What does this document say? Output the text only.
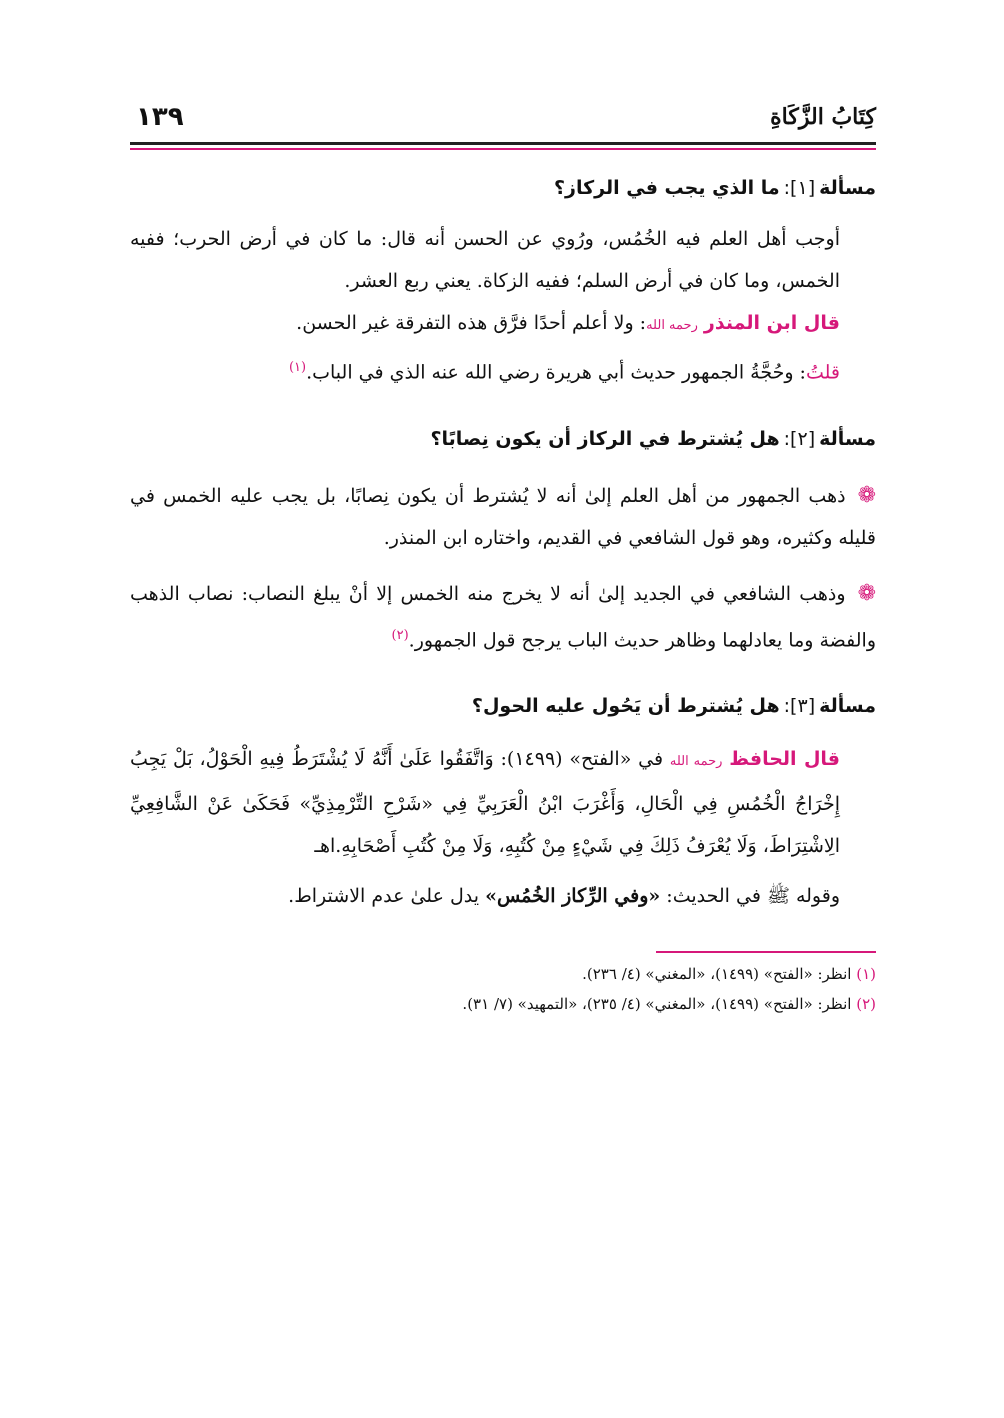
كِتَابُ الزَّكَاةِ
١٣٩
مسألة[١]:ما الذي يجب في الركاز؟
أوجب أهل العلم فيه الخُمُس، ورُوي عن الحسن أنه قال: ما كان في أرض الحرب؛ ففيه الخمس، وما كان في أرض السلم؛ ففيه الزكاة. يعني ربع العشر.
قال ابن المنذر رحمه الله: ولا أعلم أحدًا فرَّق هذه التفرقة غير الحسن.
قلتُ: وحُجَّةُ الجمهور حديث أبي هريرة رضي الله عنه الذي في الباب.$^{(١)}$
مسألة[٢]:هل يُشترط في الركاز أن يكون نِصابًا؟
❁ذهب الجمهور من أهل العلم إلىٰ أنه لا يُشترط أن يكون نِصابًا، بل يجب عليه الخمس في قليله وكثيره، وهو قول الشافعي في القديم، واختاره ابن المنذر.
❁وذهب الشافعي في الجديد إلىٰ أنه لا يخرج منه الخمس إلا أنْ يبلغ النصاب: نصاب الذهب والفضة وما يعادلهما وظاهر حديث الباب يرجح قول الجمهور.$^{(٢)}$
مسألة[٣]:هل يُشترط أن يَحُول عليه الحول؟
قال الحافظ رحمه الله في «الفتح» (١٤٩٩): وَاتَّفَقُوا عَلَىٰ أَنَّهُ لَا يُشْتَرَطُ فِيهِ الْحَوْلُ، بَلْ يَجِبُ إِخْرَاجُ الْخُمُسِ فِي الْحَالِ، وَأَغْرَبَ ابْنُ الْعَرَبِيِّ فِي «شَرْحِ التِّرْمِذِيِّ» فَحَكَىٰ عَنْ الشَّافِعِيِّ الِاشْتِرَاطَ، وَلَا يُعْرَفُ ذَلِكَ فِي شَيْءٍ مِنْ كُتُبِهِ، وَلَا مِنْ كُتُبِ أَصْحَابِهِ.اهـ
وقوله ﷺ في الحديث: «وفي الرِّكاز الخُمُس» يدل علىٰ عدم الاشتراط.
(١) انظر: «الفتح» (١٤٩٩)، «المغني» (٤/ ٢٣٦).
(٢) انظر: «الفتح» (١٤٩٩)، «المغني» (٤/ ٢٣٥)، «التمهيد» (٧/ ٣١).
